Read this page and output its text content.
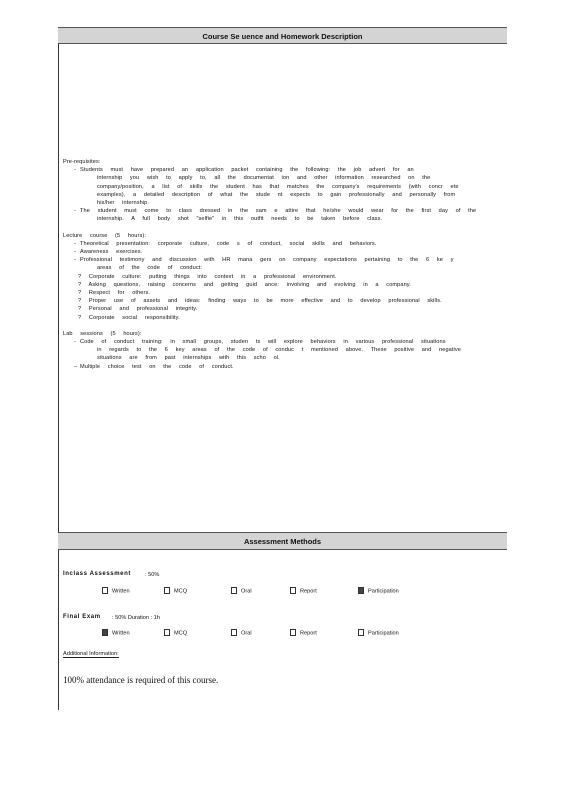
Course Se uence and Homework Description

Pre-requisites:

- Students must have prepared an application packet containing the following: the job advert for an

internship you wish to apply to, all the documentat ion and other information researched on the

company/position, a list of skills the student has that matches the company's requirements (with concr ete

examples), a detailed description of what the stude nt expects to gain professionally and personally from

his/her internship.

- The student must come to class dressed in the sam e attire that he/she would wear for the first day of the

internship. A full body shot "selfie" in this outfit needs to be taken before class.

Lecture course (5 hours):

- Theoretical presentation: corporate culture, code s of conduct, social skills and behaviors.

- Awareness exercises.

- Professional testimony and discussion with HR mana gers on company expectations pertaining to the 6 ke y

areas of the code of conduct:

? Corporate culture: putting things into context in a professional environment.

? Asking questions, raising concerns and getting guid ance: involving and evolving in a company.

? Respect for others.

? Proper use of assets and ideas: finding ways to be more effective and to develop professional skills.

? Personal and professional integrity.

? Corporate social responsibility.

Lab sessions (5 hours):

- Code of conduct training: in small groups, studen ts will explore behaviors in various professional situations

in regards to the 6 key areas of the code of conduc t mentioned above. These positive and negative

situations are from past internships with this scho ol.

– Multiple choice test on the code of conduct.

Assessment Methods
Inclass Assessment	: 50%
Written	MCQ	Oral	Report	Participation
Final Exam : 50% Duration : 1h
Written	MCQ	Oral	Report	Participation
Additional Information:
100% attendance is required of this course.
